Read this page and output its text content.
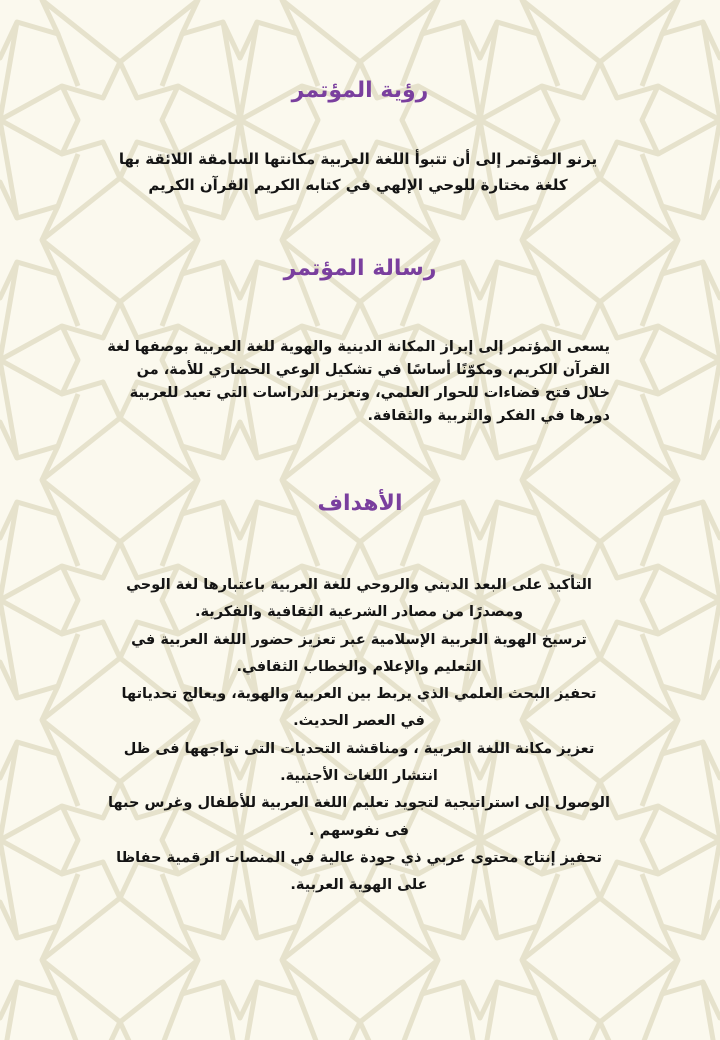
رؤية المؤتمر
يرنو المؤتمر إلى أن تتبوأ اللغة العربية مكانتها السامقة اللائقة بها
كلغة مختارة للوحي الإلهي في كتابه الكريم القرآن الكريم
رسالة المؤتمر
يسعى المؤتمر إلى إبراز المكانة الدينية والهوية للغة العربية بوصفها لغة
القرآن الكريم، ومكوّنًا أساسًا في تشكيل الوعي الحضاري للأمة، من
خلال فتح فضاءات للحوار العلمي، وتعزيز الدراسات التي تعيد للعربية
دورها في الفكر والتربية والثقافة.
الأهداف
التأكيد على البعد الديني والروحي للغة العربية باعتبارها لغة الوحي
ومصدرًا من مصادر الشرعية الثقافية والفكرية.
ترسيخ الهوية العربية الإسلامية عبر تعزيز حضور اللغة العربية في
التعليم والإعلام والخطاب الثقافي.
تحفيز البحث العلمي الذي يربط بين العربية والهوية، ويعالج تحدياتها
في العصر الحديث.
تعزيز مكانة اللغة العربية ، ومناقشة التحديات التى تواجهها فى ظل
انتشار اللغات الأجنبية.
الوصول إلى استراتيجية لتجويد تعليم اللغة العربية للأطفال وغرس حبها
فى نفوسهم .
تحفيز إنتاج محتوى عربي ذي جودة عالية في المنصات الرقمية حفاظا
على الهوية العربية.
